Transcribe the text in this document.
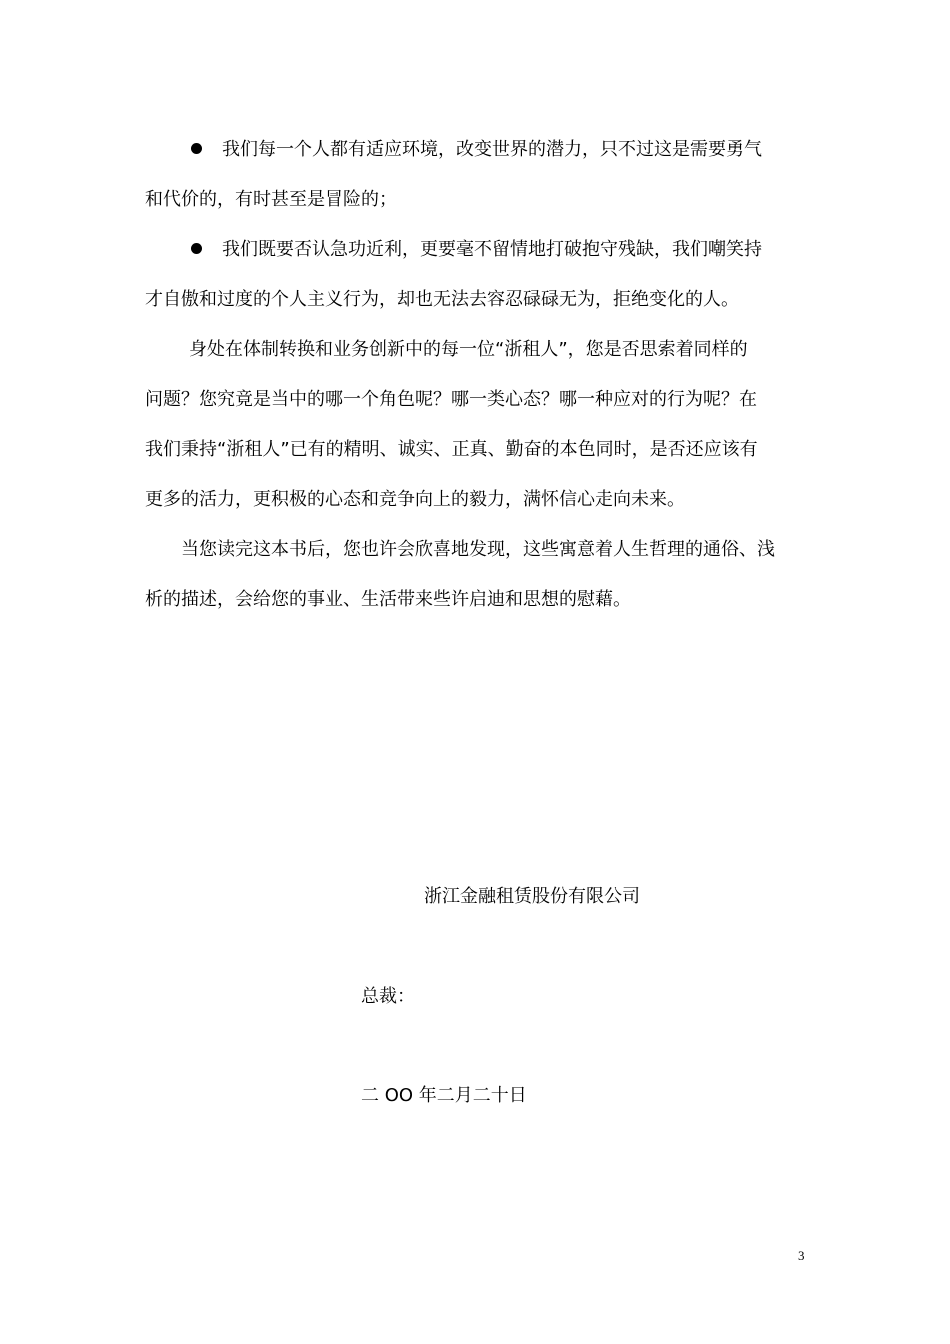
我们每一个人都有适应环境，改变世界的潜力，只不过这是需要勇气
和代价的，有时甚至是冒险的；
我们既要否认急功近利，更要毫不留情地打破抱守残缺，我们嘲笑持
才自傲和过度的个人主义行为，却也无法去容忍碌碌无为，拒绝变化的人。
身处在体制转换和业务创新中的每一位“浙租人”，您是否思索着同样的
问题？您究竟是当中的哪一个角色呢？哪一类心态？哪一种应对的行为呢？在
我们秉持“浙租人”已有的精明、诚实、正真、勤奋的本色同时，是否还应该有
更多的活力，更积极的心态和竞争向上的毅力，满怀信心走向未来。
当您读完这本书后，您也许会欣喜地发现，这些寓意着人生哲理的通俗、浅
析的描述，会给您的事业、生活带来些许启迪和思想的慰藉。
浙江金融租赁股份有限公司
总裁：
二 OO 年二月二十日
3
